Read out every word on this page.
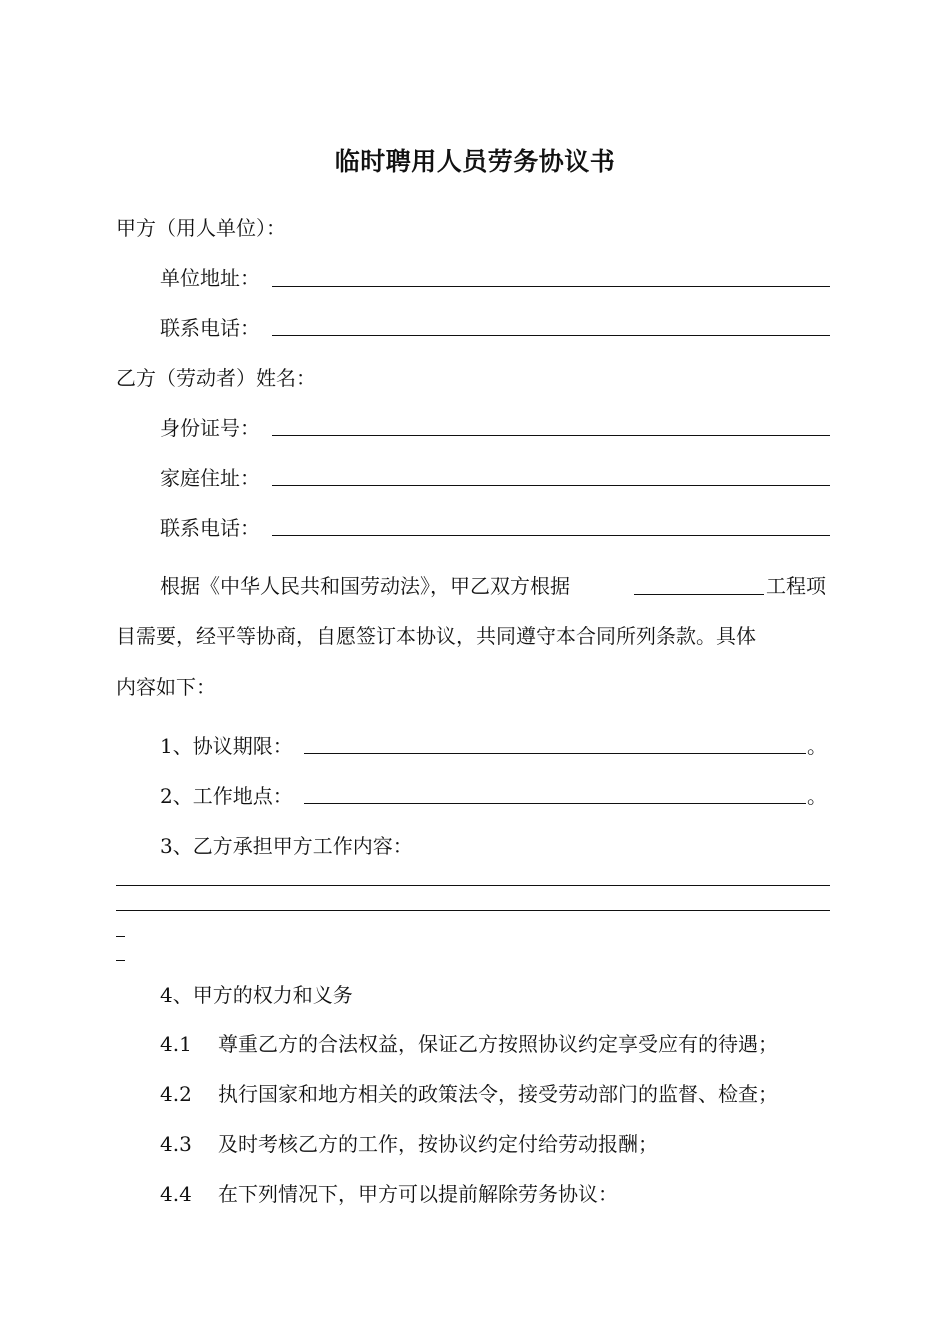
临时聘用人员劳务协议书
甲方（用人单位）：
单位地址：
联系电话：
乙方（劳动者）姓名：
身份证号：
家庭住址：
联系电话：
根据《中华人民共和国劳动法》，甲乙双方根据	工程项
目需要，经平等协商，自愿签订本协议，共同遵守本合同所列条款。具体
内容如下：
1、协议期限：	。
2、工作地点：	。
3、乙方承担甲方工作内容：
4、甲方的权力和义务
4.1 尊重乙方的合法权益，保证乙方按照协议约定享受应有的待遇；
4.2 执行国家和地方相关的政策法令，接受劳动部门的监督、检查；
4.3 及时考核乙方的工作，按协议约定付给劳动报酬；
4.4 在下列情况下，甲方可以提前解除劳务协议：
